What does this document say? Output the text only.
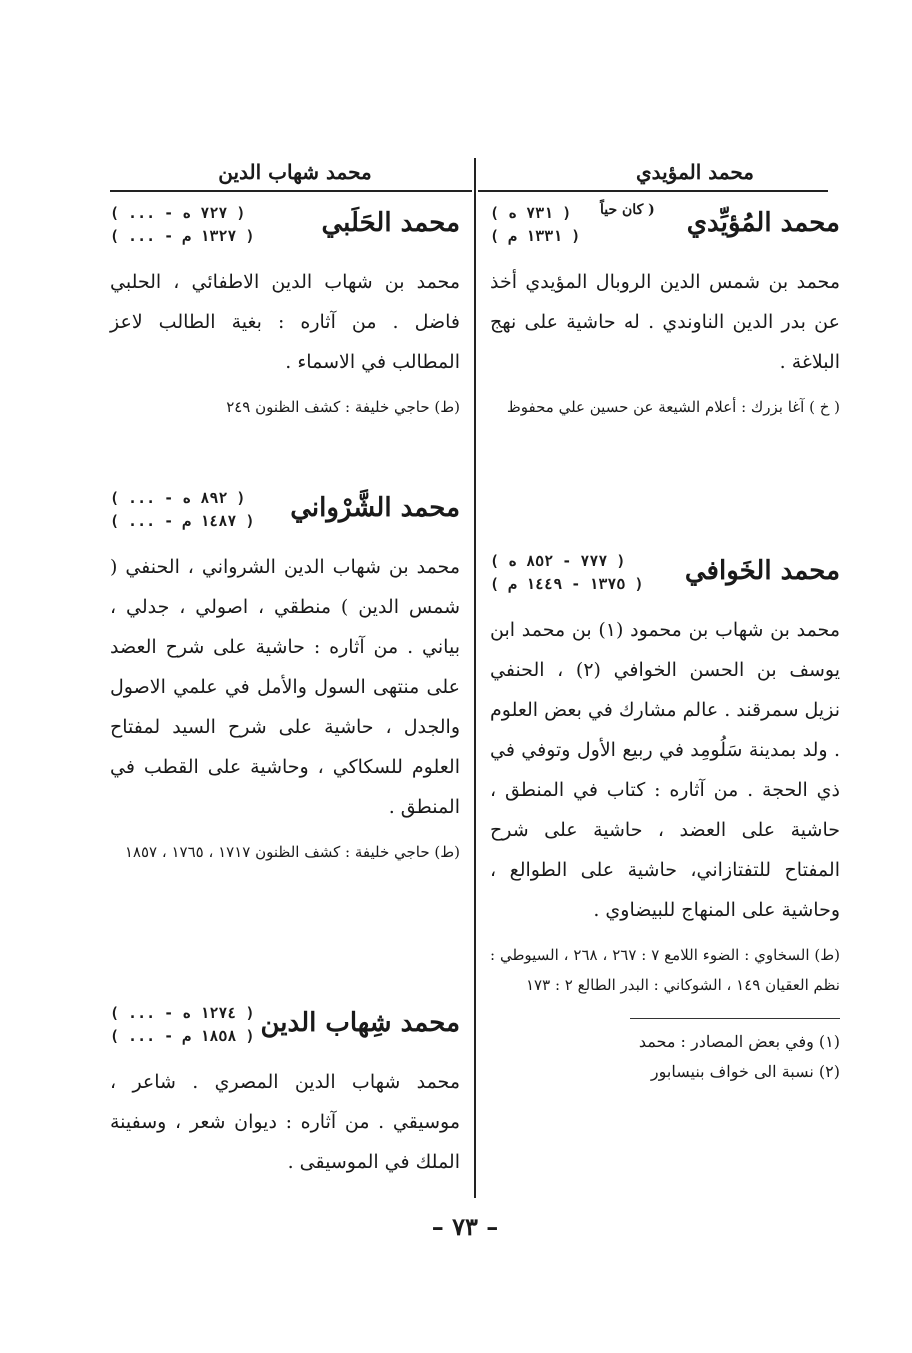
محمد المؤيدي
محمد شهاب الدين
محمد المُؤيِّدي
( كان حياً
( ٧٣١ ه )
( ١٣٣١ م )

محمد بن شمس الدين الروبال المؤيدي أخذ عن بدر الدين الناوندي . له حاشية على نهج البلاغة .

( خ ) آغا بزرك : أعلام الشيعة عن حسين علي محفوظ

محمد الخَوافي
( ٧٧٧ - ٨٥٢ ه )
( ١٣٧٥ - ١٤٤٩ م )

محمد بن شهاب بن محمود (١) بن محمد ابن يوسف بن الحسن الخوافي (٢) ، الحنفي نزيل سمرقند . عالم مشارك في بعض العلوم . ولد بمدينة سَلُومِد في ربيع الأول وتوفي في ذي الحجة . من آثاره : كتاب في المنطق ، حاشية على العضد ، حاشية على شرح المفتاح للتفتازاني، حاشية على الطوالع ، وحاشية على المنهاج للبيضاوي .

(ط) السخاوي : الضوء اللامع ٧ : ٢٦٧ ، ٢٦٨ ، السيوطي : نظم العقيان ١٤٩ ، الشوكاني : البدر الطالع ٢ : ١٧٣

(١) وفي بعض المصادر : محمد

(٢) نسبة الى خواف بنيسابور

محمد الحَلَبي
( ... - ٧٢٧ ه )
( ... - ١٣٢٧ م )

محمد بن شهاب الدين الاطفائي ، الحلبي فاضل . من آثاره : بغية الطالب لاعز المطالب في الاسماء .

(ط) حاجي خليفة : كشف الظنون ٢٤٩

محمد الشَّرْواني
( ... - ٨٩٢ ه )
( ... - ١٤٨٧ م )

محمد بن شهاب الدين الشرواني ، الحنفي ( شمس الدين ) منطقي ، اصولي ، جدلي ، بياني . من آثاره : حاشية على شرح العضد على منتهى السول والأمل في علمي الاصول والجدل ، حاشية على شرح السيد لمفتاح العلوم للسكاكي ، وحاشية على القطب في المنطق .

(ط) حاجي خليفة : كشف الظنون ١٧١٧ ، ١٧٦٥ ، ١٨٥٧

محمد شِهاب الدين
( ... - ١٢٧٤ ه )
( ... - ١٨٥٨ م )

محمد شهاب الدين المصري . شاعر ، موسيقي . من آثاره : ديوان شعر ، وسفينة الملك في الموسيقى .

– ٧٣ –
